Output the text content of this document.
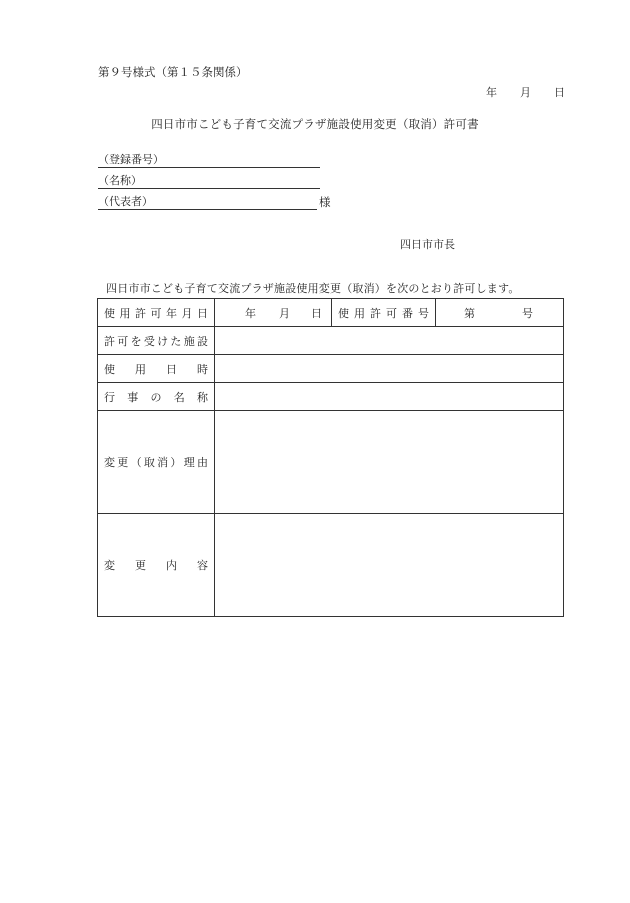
第９号様式（第１５条関係）
年 月 日
四日市市こども子育て交流プラザ施設使用変更（取消）許可書
（登録番号）
（名称）
（代表者）	様
四日市市長
四日市市こども子育て交流プラザ施設使用変更（取消）を次のとおり許可します。
使用許可年月日	年 月 日	使用許可番号	第 号
許可を受けた施設			
使用日時			
行事の名称			
変更（取消）理由			
変更内容			
